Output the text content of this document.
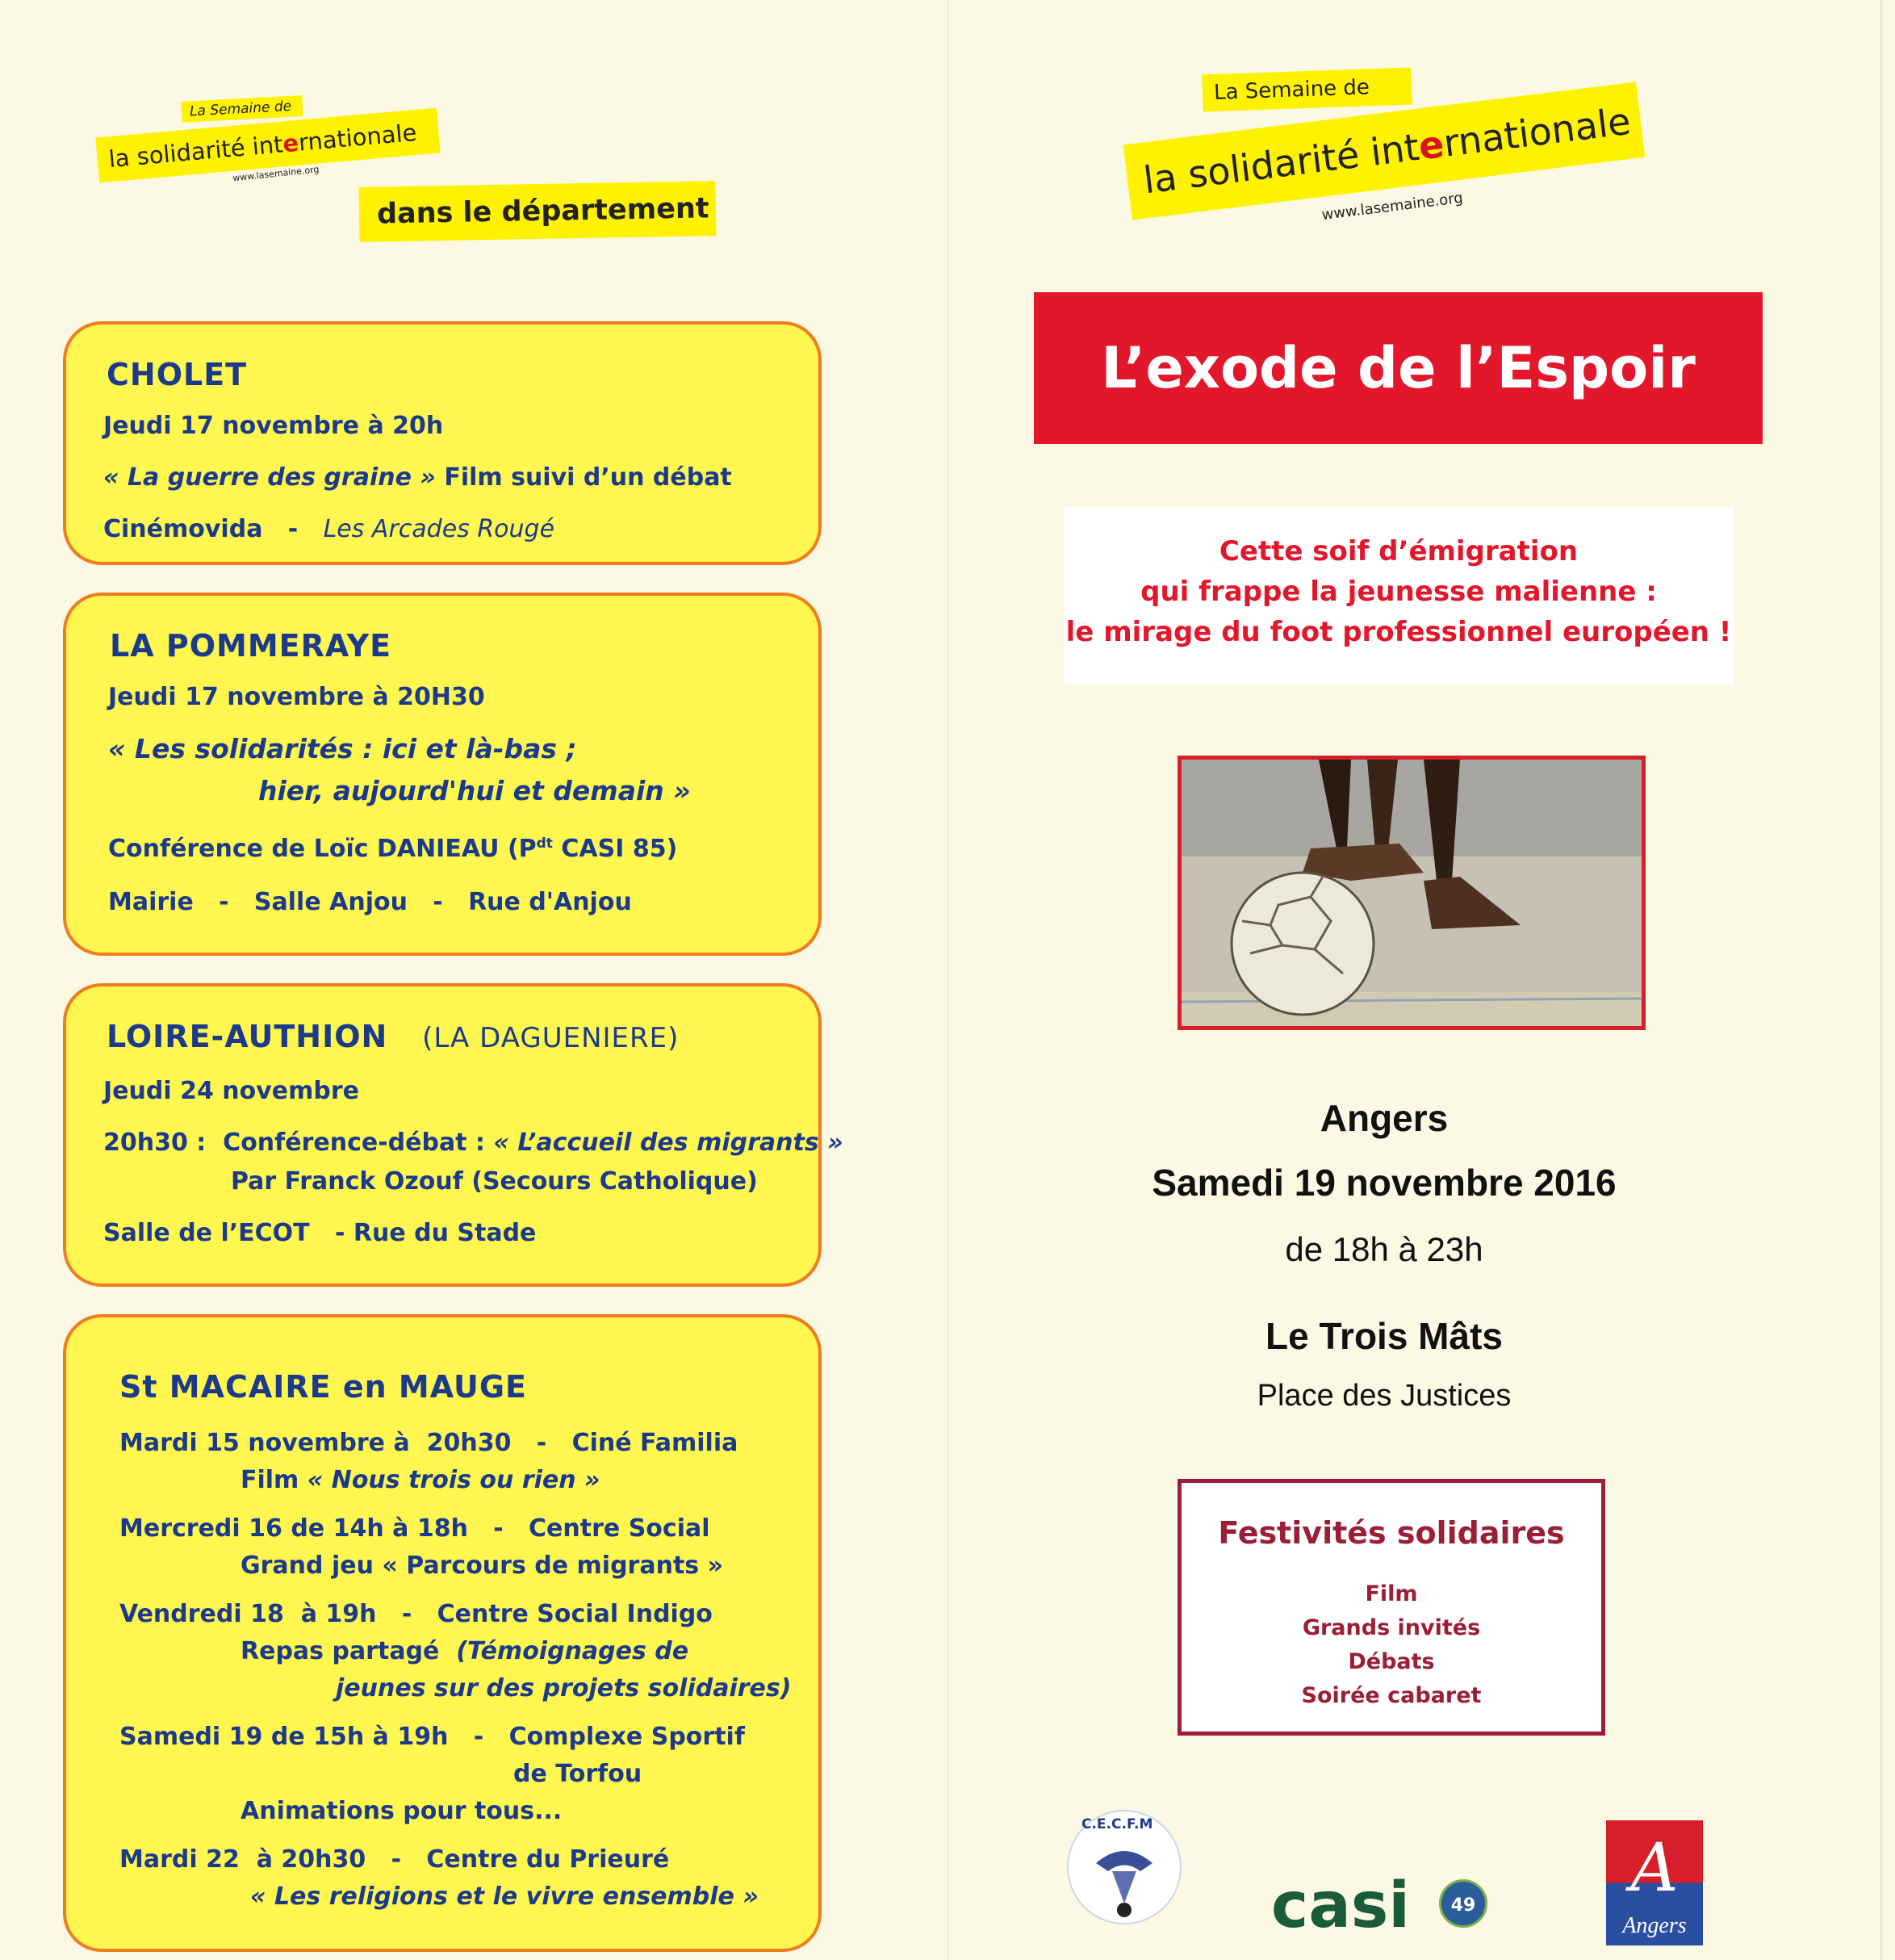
La Semaine de
la solidarité internationale
www.lasemaine.org
dans le département
La Semaine de
la solidarité internationale
www.lasemaine.org
CHOLET
Jeudi 17 novembre à 20h
« La guerre des graine » Film suivi d’un débat
Cinémovida - Les Arcades Rougé
LA POMMERAYE
Jeudi 17 novembre à 20H30
« Les solidarités : ici et là-bas ;
hier, aujourd'hui et demain »
Conférence de Loïc DANIEAU ($P^{dt}$ CASI 85)
Mairie   -   Salle Anjou   -   Rue d'Anjou
LOIRE-AUTHION (LA DAGUENIERE)
Jeudi 24 novembre
20h30 :  Conférence-débat : « L’accueil des migrants »
Par Franck Ozouf (Secours Catholique)
Salle de l’ECOT   - Rue du Stade
St MACAIRE en MAUGE
Mardi 15 novembre à  20h30   -   Ciné Familia
Film « Nous trois ou rien »
Mercredi 16 de 14h à 18h   -   Centre Social
Grand jeu « Parcours de migrants »
Vendredi 18  à 19h   -   Centre Social Indigo
Repas partagé  (Témoignages de
jeunes sur des projets solidaires)
Samedi 19 de 15h à 19h   -   Complexe Sportif
de Torfou
Animations pour tous...
Mardi 22  à 20h30   -   Centre du Prieuré
« Les religions et le vivre ensemble »
L’exode de l’Espoir
Cette soif d’émigration
qui frappe la jeunesse malienne :
le mirage du foot professionnel européen !
Angers
Samedi 19 novembre 2016
de 18h à 23h
Le Trois Mâts
Place des Justices
Festivités solidaires
Film
Grands invités
Débats
Soirée cabaret
C.E.C.F.M
casi	49	A
Angers
